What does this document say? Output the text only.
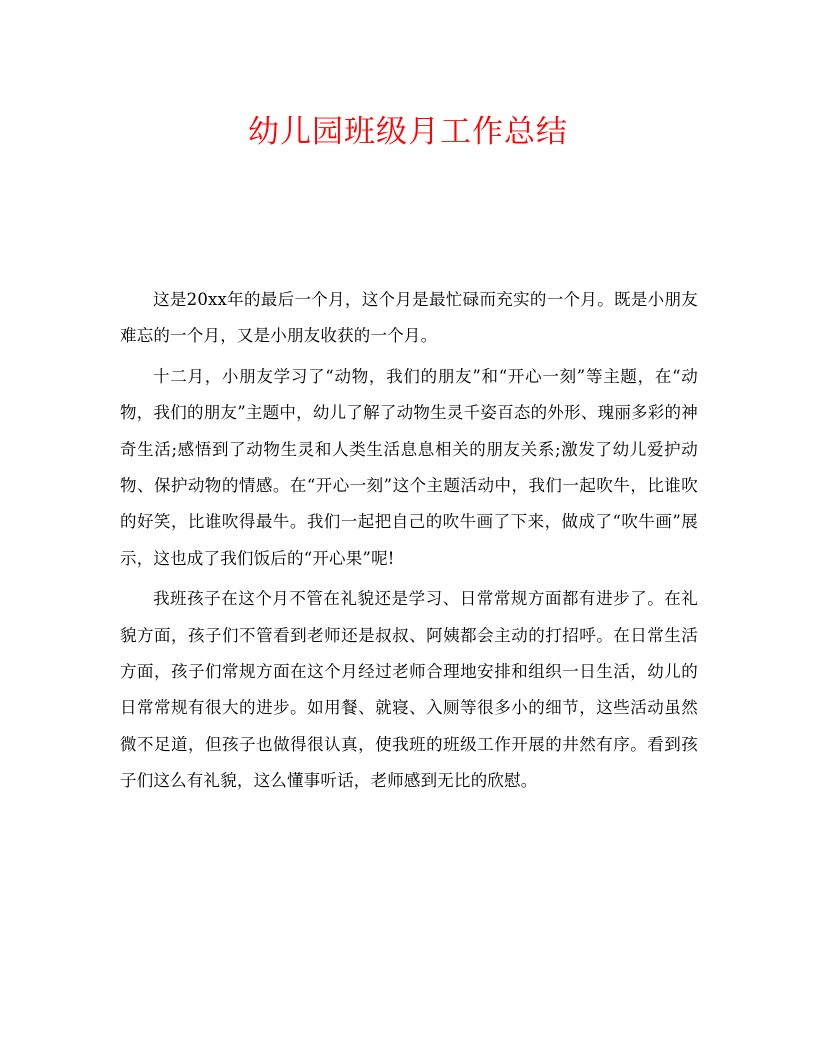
幼儿园班级月工作总结

这是20xx年的最后一个月，这个月是最忙碌而充实的一个月。既是小朋友难忘的一个月，又是小朋友收获的一个月。

十二月，小朋友学习了“动物，我们的朋友”和“开心一刻”等主题，在“动物，我们的朋友”主题中，幼儿了解了动物生灵千姿百态的外形、瑰丽多彩的神奇生活;感悟到了动物生灵和人类生活息息相关的朋友关系;激发了幼儿爱护动物、保护动物的情感。在“开心一刻”这个主题活动中，我们一起吹牛，比谁吹的好笑，比谁吹得最牛。我们一起把自己的吹牛画了下来，做成了“吹牛画”展示，这也成了我们饭后的“开心果”呢!

我班孩子在这个月不管在礼貌还是学习、日常常规方面都有进步了。在礼貌方面，孩子们不管看到老师还是叔叔、阿姨都会主动的打招呼。在日常生活方面，孩子们常规方面在这个月经过老师合理地安排和组织一日生活，幼儿的日常常规有很大的进步。如用餐、就寝、入厕等很多小的细节，这些活动虽然微不足道，但孩子也做得很认真，使我班的班级工作开展的井然有序。看到孩子们这么有礼貌，这么懂事听话，老师感到无比的欣慰。
